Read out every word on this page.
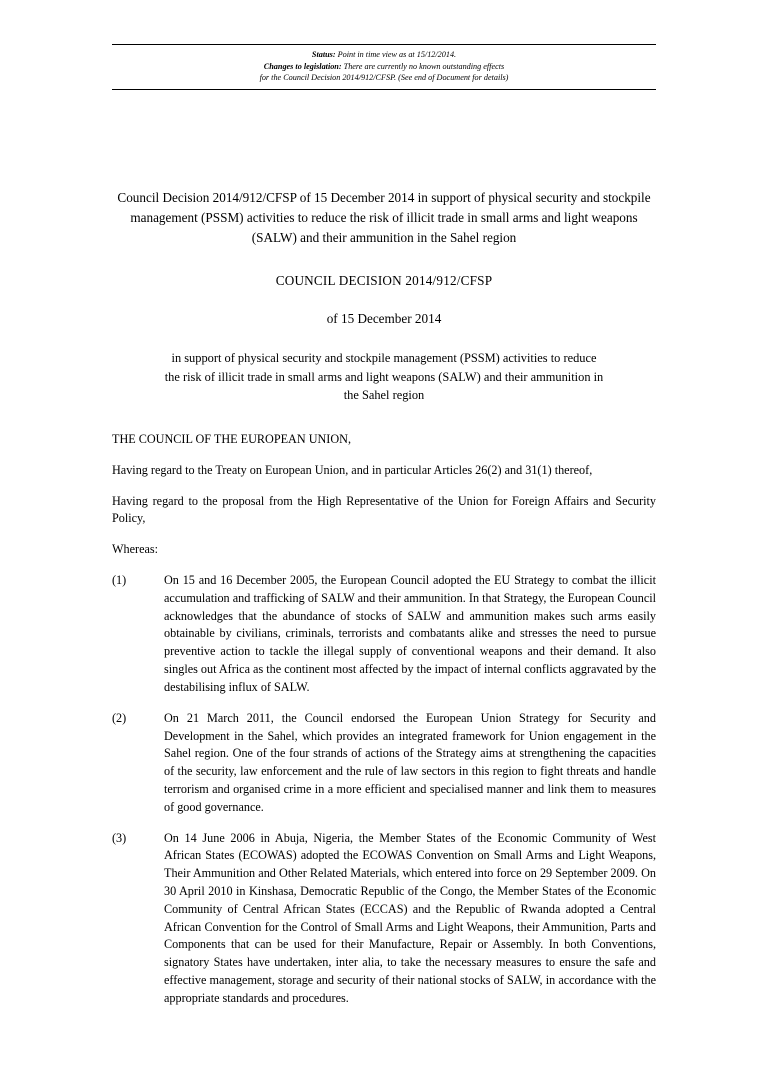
Status: Point in time view as at 15/12/2014.
Changes to legislation: There are currently no known outstanding effects
for the Council Decision 2014/912/CFSP. (See end of Document for details)
Council Decision 2014/912/CFSP of 15 December 2014 in support of physical security and stockpile management (PSSM) activities to reduce the risk of illicit trade in small arms and light weapons (SALW) and their ammunition in the Sahel region
COUNCIL DECISION 2014/912/CFSP
of 15 December 2014
in support of physical security and stockpile management (PSSM) activities to reduce the risk of illicit trade in small arms and light weapons (SALW) and their ammunition in the Sahel region

THE COUNCIL OF THE EUROPEAN UNION,

Having regard to the Treaty on European Union, and in particular Articles 26(2) and 31(1) thereof,

Having regard to the proposal from the High Representative of the Union for Foreign Affairs and Security Policy,

Whereas:

(1)	On 15 and 16 December 2005, the European Council adopted the EU Strategy to combat the illicit accumulation and trafficking of SALW and their ammunition. In that Strategy, the European Council acknowledges that the abundance of stocks of SALW and ammunition makes such arms easily obtainable by civilians, criminals, terrorists and combatants alike and stresses the need to pursue preventive action to tackle the illegal supply of conventional weapons and their demand. It also singles out Africa as the continent most affected by the impact of internal conflicts aggravated by the destabilising influx of SALW.
(2)	On 21 March 2011, the Council endorsed the European Union Strategy for Security and Development in the Sahel, which provides an integrated framework for Union engagement in the Sahel region. One of the four strands of actions of the Strategy aims at strengthening the capacities of the security, law enforcement and the rule of law sectors in this region to fight threats and handle terrorism and organised crime in a more efficient and specialised manner and link them to measures of good governance.
(3)	On 14 June 2006 in Abuja, Nigeria, the Member States of the Economic Community of West African States (ECOWAS) adopted the ECOWAS Convention on Small Arms and Light Weapons, Their Ammunition and Other Related Materials, which entered into force on 29 September 2009. On 30 April 2010 in Kinshasa, Democratic Republic of the Congo, the Member States of the Economic Community of Central African States (ECCAS) and the Republic of Rwanda adopted a Central African Convention for the Control of Small Arms and Light Weapons, their Ammunition, Parts and Components that can be used for their Manufacture, Repair or Assembly. In both Conventions, signatory States have undertaken, inter alia, to take the necessary measures to ensure the safe and effective management, storage and security of their national stocks of SALW, in accordance with the appropriate standards and procedures.
